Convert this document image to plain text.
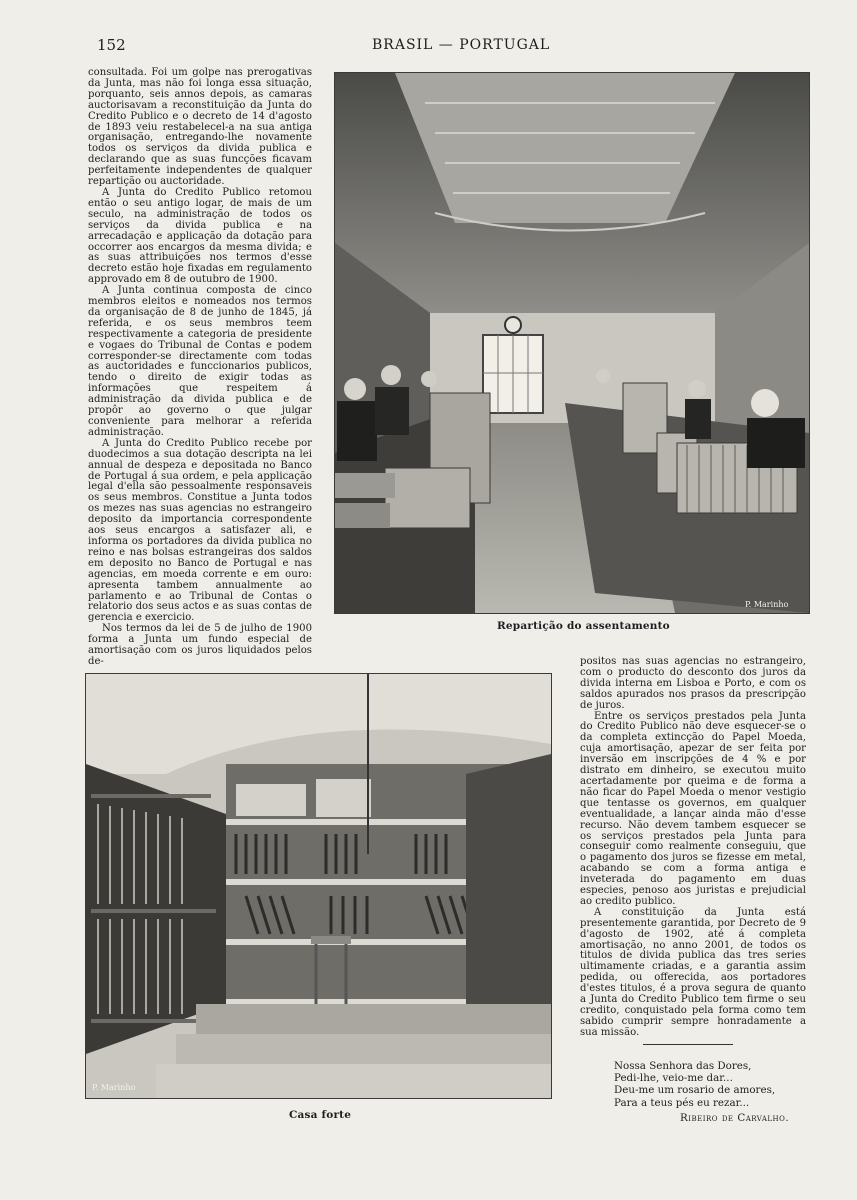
152	BRASIL — PORTUGAL

consultada. Foi um golpe nas prerogativas da Junta, mas não foi longa essa situação, porquanto, seis annos depois, as camaras auctorisavam a reconstituição da Junta do Credito Publico e o decreto de 14 d'agosto de 1893 veiu restabelecel-a na sua antiga organisação, entregando-lhe novamente todos os serviços da divida publica e declarando que as suas funcções ficavam perfeitamente independentes de qualquer repartição ou auctoridade.

A Junta do Credito Publico retomou então o seu antigo logar, de mais de um seculo, na administração de todos os serviços da divida publica e na arrecadação e applicação da dotação para occorrer aos encargos da mesma divida; e as suas attribuições nos termos d'esse decreto estão hoje fixadas em regulamento approvado em 8 de outubro de 1900.

A Junta continua composta de cinco membros eleitos e nomeados nos termos da organisação de 8 de junho de 1845, já referida, e os seus membros teem respectivamente a categoria de presidente e vogaes do Tribunal de Contas e podem corresponder-se directamente com todas as auctoridades e funccionarios publicos, tendo o direito de exigir todas as informações que respeitem á administração da divida publica e de propôr ao governo o que julgar conveniente para melhorar a referida administração.

A Junta do Credito Publico recebe por duodecimos a sua dotação descripta na lei annual de despeza e depositada no Banco de Portugal á sua ordem, e pela applicação legal d'ella são pessoalmente responsaveis os seus membros. Constitue a Junta todos os mezes nas suas agencias no estrangeiro deposito da importancia correspondente aos seus encargos a satisfazer ali, e informa os portadores da divida publica no reino e nas bolsas estrangeiras dos saldos em deposito no Banco de Portugal e nas agencias, em moeda corrente e em ouro: apresenta tambem annualmente ao parlamento e ao Tribunal de Contas o relatorio dos seus actos e as suas contas de gerencia e exercicio.

Nos termos da lei de 5 de julho de 1900 forma a Junta um fundo especial de amortisação com os juros liquidados pelos de-

P. Marinho
Repartição do assentamento
P. Marinho
Casa forte

positos nas suas agencias no estrangeiro, com o producto do desconto dos juros da divida interna em Lisboa e Porto, e com os saldos apurados nos prasos da prescripção de juros.

Entre os serviços prestados pela Junta do Credito Publico não deve esquecer-se o da completa extincção do Papel Moeda, cuja amortisação, apezar de ser feita por inversão em inscripções de 4 % e por distrato em dinheiro, se executou muito acertadamente por queima e de forma a não ficar do Papel Moeda o menor vestigio que tentasse os governos, em qualquer eventualidade, a lançar ainda mão d'esse recurso. Não devem tambem esquecer se os serviços prestados pela Junta para conseguir como realmente conseguiu, que o pagamento dos juros se fizesse em metal, acabando se com a forma antiga e inveterada do pagamento em duas especies, penoso aos juristas e prejudicial ao credito publico.

A constituição da Junta está presentemente garantida, por Decreto de 9 d'agosto de 1902, até á completa amortisação, no anno 2001, de todos os titulos de divida publica das tres series ultimamente criadas, e a garantia assim pedida, ou offerecida, aos portadores d'estes titulos, é a prova segura de quanto a Junta do Credito Publico tem firme o seu credito, conquistado pela forma como tem sabido cumprir sempre honradamente a sua missão.

Nossa Senhora das Dores,
Pedi-lhe, veio-me dar...
Deu-me um rosario de amores,
Para a teus pés eu rezar...
Ribeiro de Carvalho.
